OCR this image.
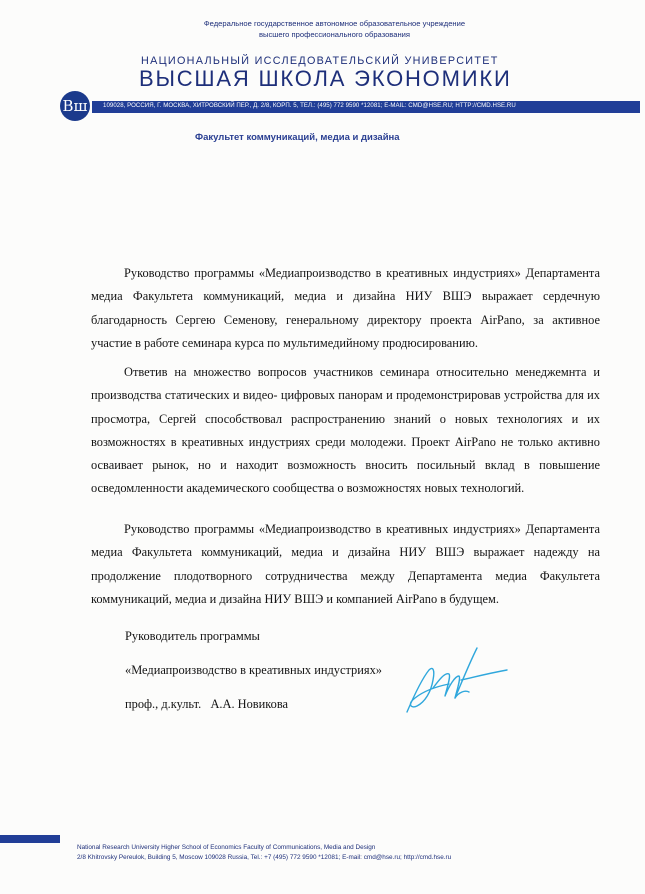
Федеральное государственное автономное образовательное учреждение
высшего профессионального образования
НАЦИОНАЛЬНЫЙ ИССЛЕДОВАТЕЛЬСКИЙ УНИВЕРСИТЕТ
ВЫСШАЯ ШКОЛА ЭКОНОМИКИ
Вш	109028, РОССИЯ, Г. МОСКВА, ХИТРОВСКИЙ ПЕР., Д. 2/8, КОРП. 5, ТЕЛ.: (495) 772 9590 *12081; E-MAIL: CMD@HSE.RU; HTTP://CMD.HSE.RU
Факультет коммуникаций, медиа и дизайна

Руководство программы «Медиапроизводство в креативных индустриях» Департамента медиа Факультета коммуникаций, медиа и дизайна НИУ ВШЭ выражает сердечную благодарность Сергею Семенову, генеральному директору проекта AirPano, за активное участие в работе семинара курса по мультимедийному продюсированию.

Ответив на множество вопросов участников семинара относительно менеджемнта и производства статических и видео- цифровых панорам и продемонстрировав устройства для их просмотра, Сергей способствовал распространению знаний о новых технологиях и их возможностях в креативных индустриях среди молодежи. Проект AirPano не только активно осваивает рынок, но и находит возможность вносить посильный вклад в повышение осведомленности академического сообщества о возможностях новых технологий.

Руководство программы «Медиапроизводство в креативных индустриях» Департамента медиа Факультета коммуникаций, медиа и дизайна НИУ ВШЭ выражает надежду на продолжение плодотворного сотрудничества между Департамента медиа Факультета коммуникаций, медиа и дизайна НИУ ВШЭ и компанией AirPano в будущем.

Руководитель программы
«Медиапроизводство в креативных индустриях»
проф., д.культ.   А.А. Новикова
National Research University Higher School of Economics Faculty of Communications, Media and Design
2/8 Khitrovsky Pereulok, Building 5, Moscow 109028 Russia, Tel.: +7 (495) 772 9590 *12081; E-mail: cmd@hse.ru; http://cmd.hse.ru
